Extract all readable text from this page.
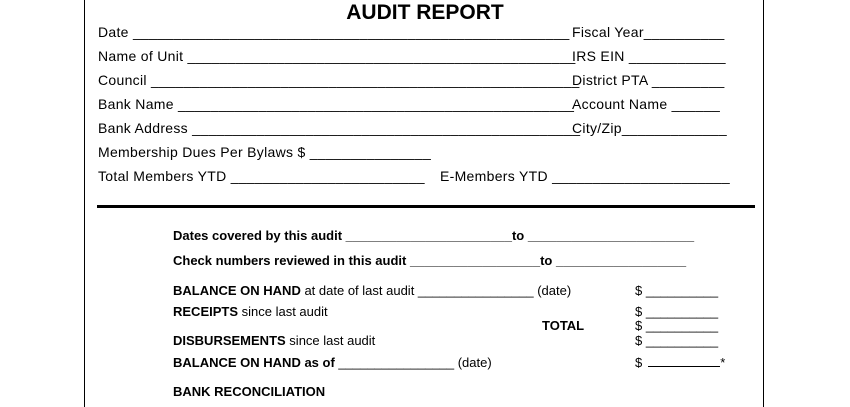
AUDIT REPORT
Date ______________________________________________________
Name of Unit ________________________________________________
Council _____________________________________________________
Bank Name _________________________________________________
Bank Address ________________________________________________
Membership Dues Per Bylaws $ _______________
Total Members YTD ________________________
Fiscal Year__________
IRS EIN ____________
District PTA _________
Account Name ______
City/Zip_____________
E-Members YTD ______________________
Dates covered by this audit _______________________to _______________________
Check numbers reviewed in this audit __________________to __________________
BALANCE ON HAND at date of last audit ________________ (date)
RECEIPTS since last audit
TOTAL
DISBURSEMENTS since last audit
BALANCE ON HAND as of ________________ (date)
$ __________
$ __________
$ __________
$ __________
$	*
BANK RECONCILIATION
